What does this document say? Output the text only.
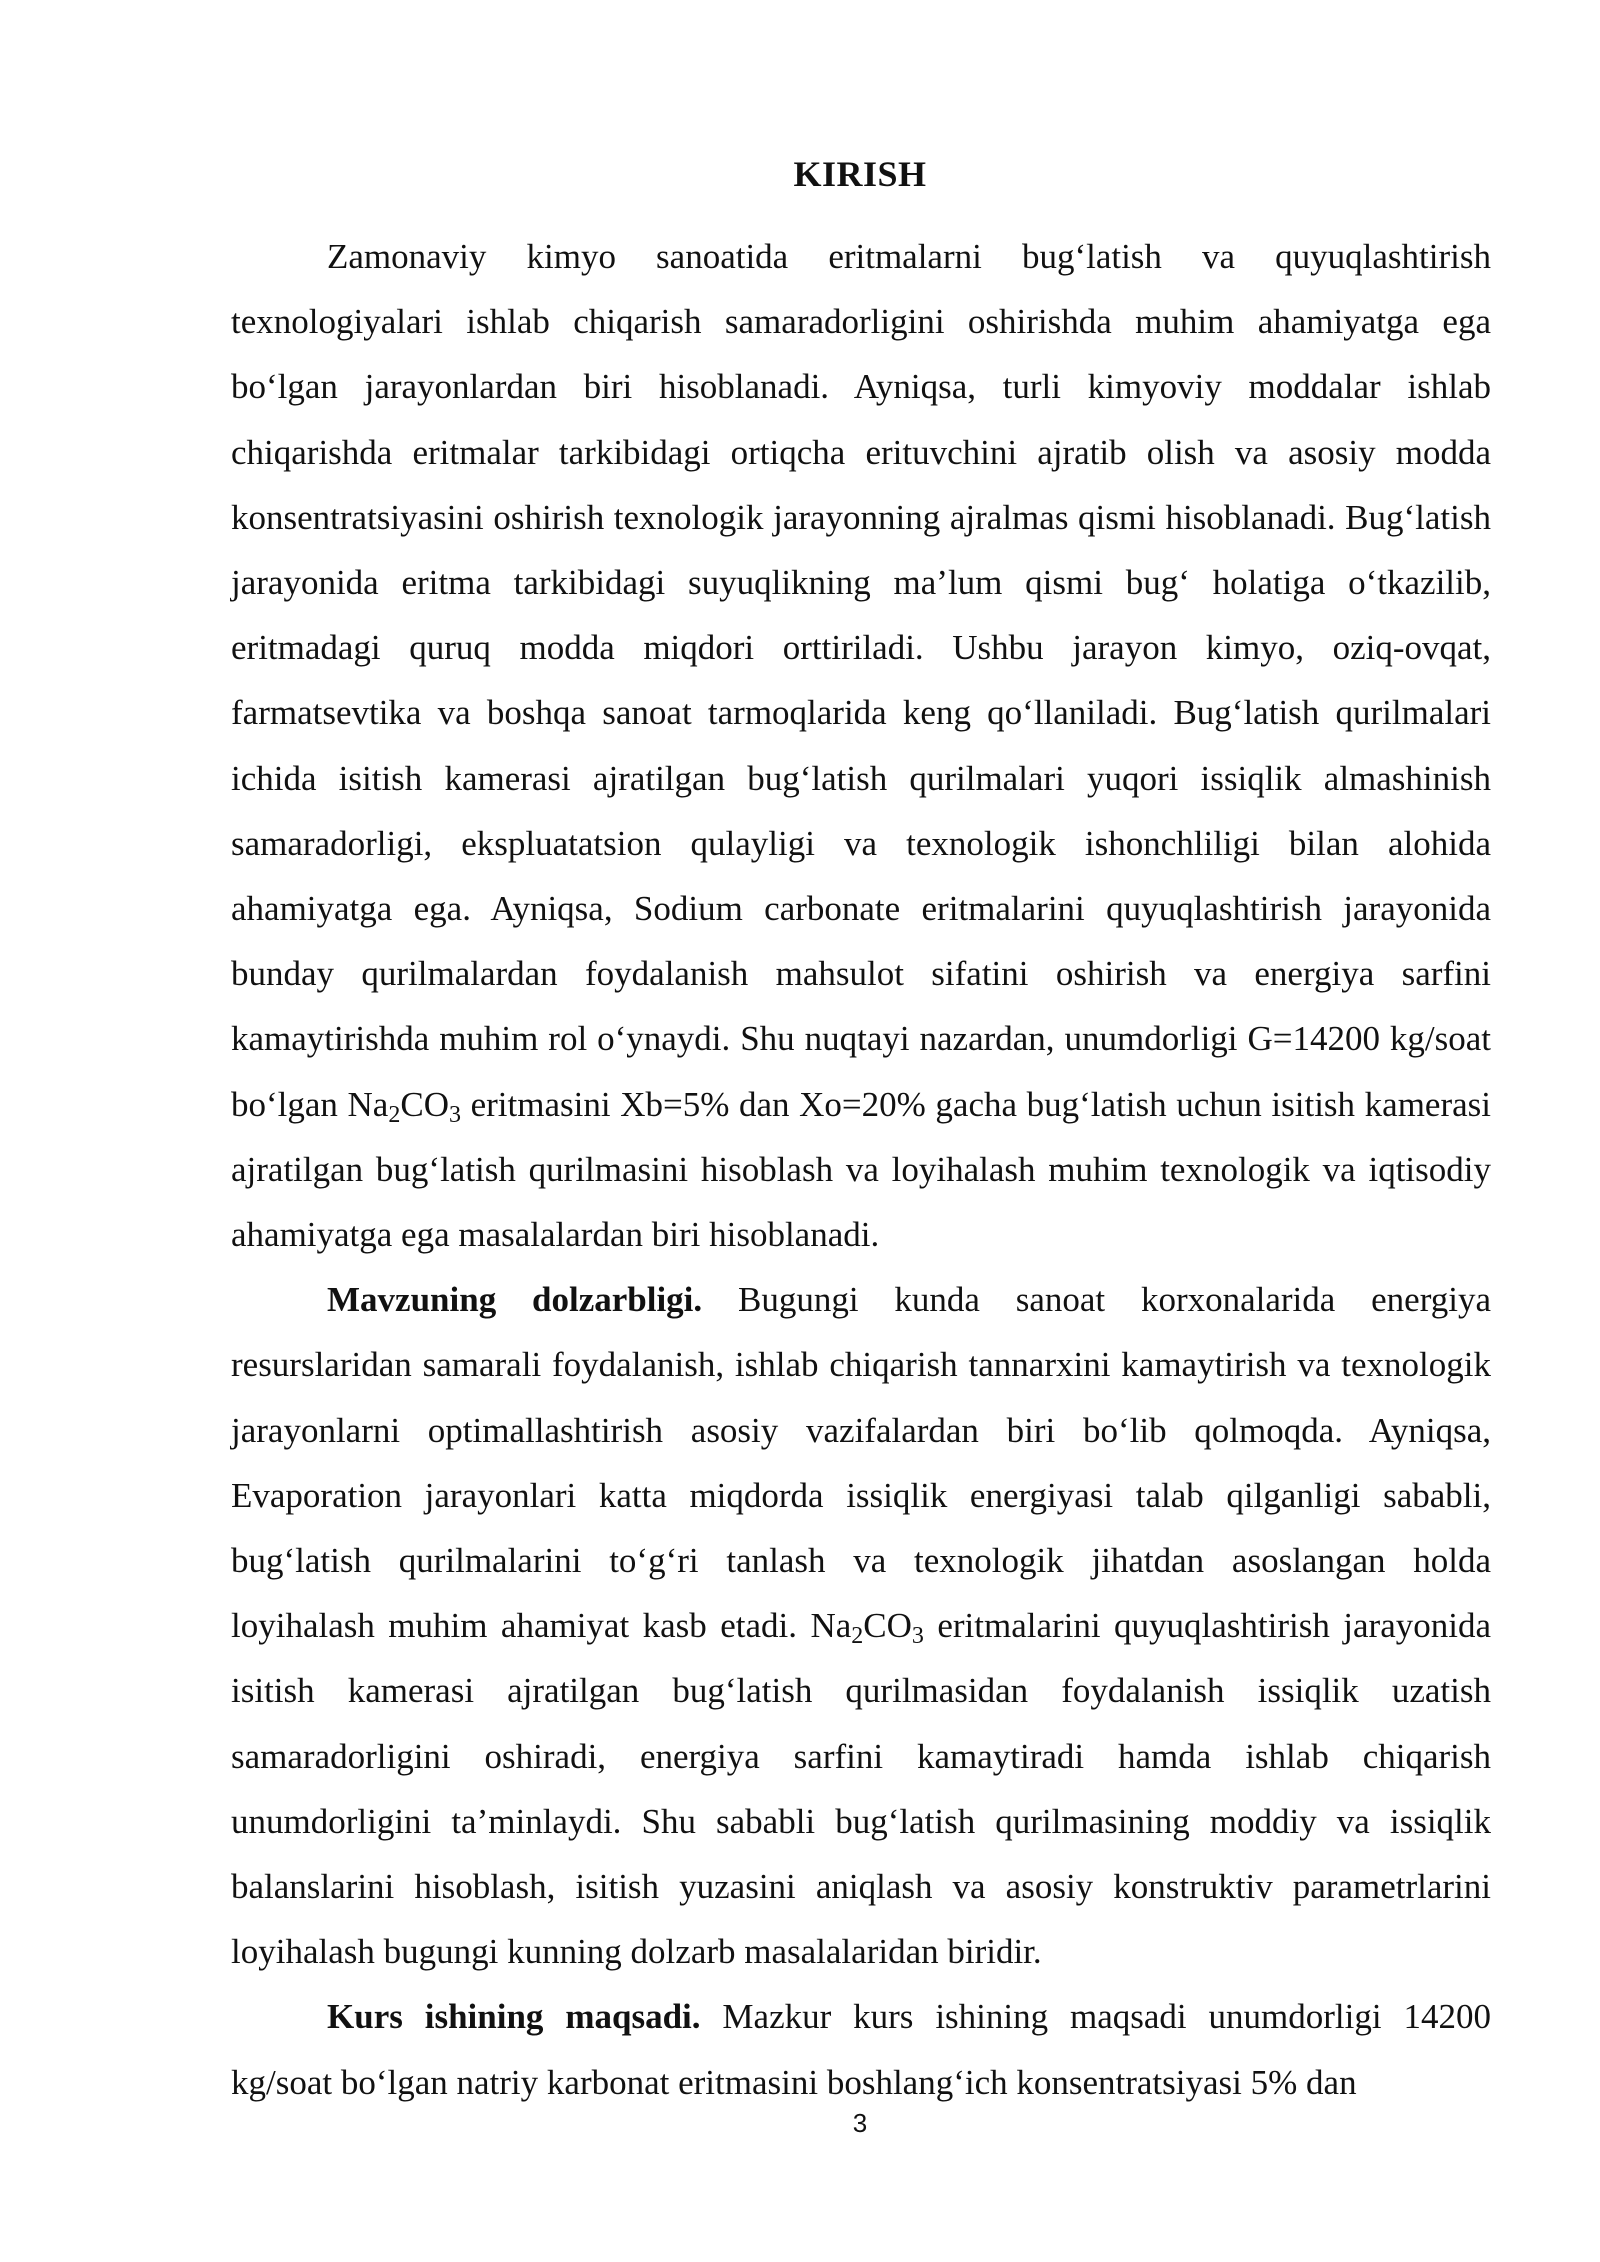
KIRISH

Zamonaviy kimyo sanoatida eritmalarni bug‘latish va quyuqlashtirish texnologiyalari ishlab chiqarish samaradorligini oshirishda muhim ahamiyatga ega bo‘lgan jarayonlardan biri hisoblanadi. Ayniqsa, turli kimyoviy moddalar ishlab chiqarishda eritmalar tarkibidagi ortiqcha erituvchini ajratib olish va asosiy modda konsentratsiyasini oshirish texnologik jarayonning ajralmas qismi hisoblanadi. Bug‘latish jarayonida eritma tarkibidagi suyuqlikning ma’lum qismi bug‘ holatiga o‘tkazilib, eritmadagi quruq modda miqdori orttiriladi. Ushbu jarayon kimyo, oziq-ovqat, farmatsevtika va boshqa sanoat tarmoqlarida keng qo‘llaniladi. Bug‘latish qurilmalari ichida isitish kamerasi ajratilgan bug‘latish qurilmalari yuqori issiqlik almashinish samaradorligi, ekspluatatsion qulayligi va texnologik ishonchliligi bilan alohida ahamiyatga ega. Ayniqsa, Sodium carbonate eritmalarini quyuqlashtirish jarayonida bunday qurilmalardan foydalanish mahsulot sifatini oshirish va energiya sarfini kamaytirishda muhim rol o‘ynaydi. Shu nuqtayi nazardan, unumdorligi G=14200 kg/soat bo‘lgan $Na_2CO_3$ eritmasini Xb=5% dan Xo=20% gacha bug‘latish uchun isitish kamerasi ajratilgan bug‘latish qurilmasini hisoblash va loyihalash muhim texnologik va iqtisodiy ahamiyatga ega masalalardan biri hisoblanadi.

Mavzuning dolzarbligi. Bugungi kunda sanoat korxonalarida energiya resurslaridan samarali foydalanish, ishlab chiqarish tannarxini kamaytirish va texnologik jarayonlarni optimallashtirish asosiy vazifalardan biri bo‘lib qolmoqda. Ayniqsa, Evaporation jarayonlari katta miqdorda issiqlik energiyasi talab qilganligi sababli, bug‘latish qurilmalarini to‘g‘ri tanlash va texnologik jihatdan asoslangan holda loyihalash muhim ahamiyat kasb etadi. $Na_2CO_3$ eritmalarini quyuqlashtirish jarayonida isitish kamerasi ajratilgan bug‘latish qurilmasidan foydalanish issiqlik uzatish samaradorligini oshiradi, energiya sarfini kamaytiradi hamda ishlab chiqarish unumdorligini ta’minlaydi. Shu sababli bug‘latish qurilmasining moddiy va issiqlik balanslarini hisoblash, isitish yuzasini aniqlash va asosiy konstruktiv parametrlarini loyihalash bugungi kunning dolzarb masalalaridan biridir.

Kurs ishining maqsadi. Mazkur kurs ishining maqsadi unumdorligi 14200 kg/soat bo‘lgan natriy karbonat eritmasini boshlang‘ich konsentratsiyasi 5% dan

3
